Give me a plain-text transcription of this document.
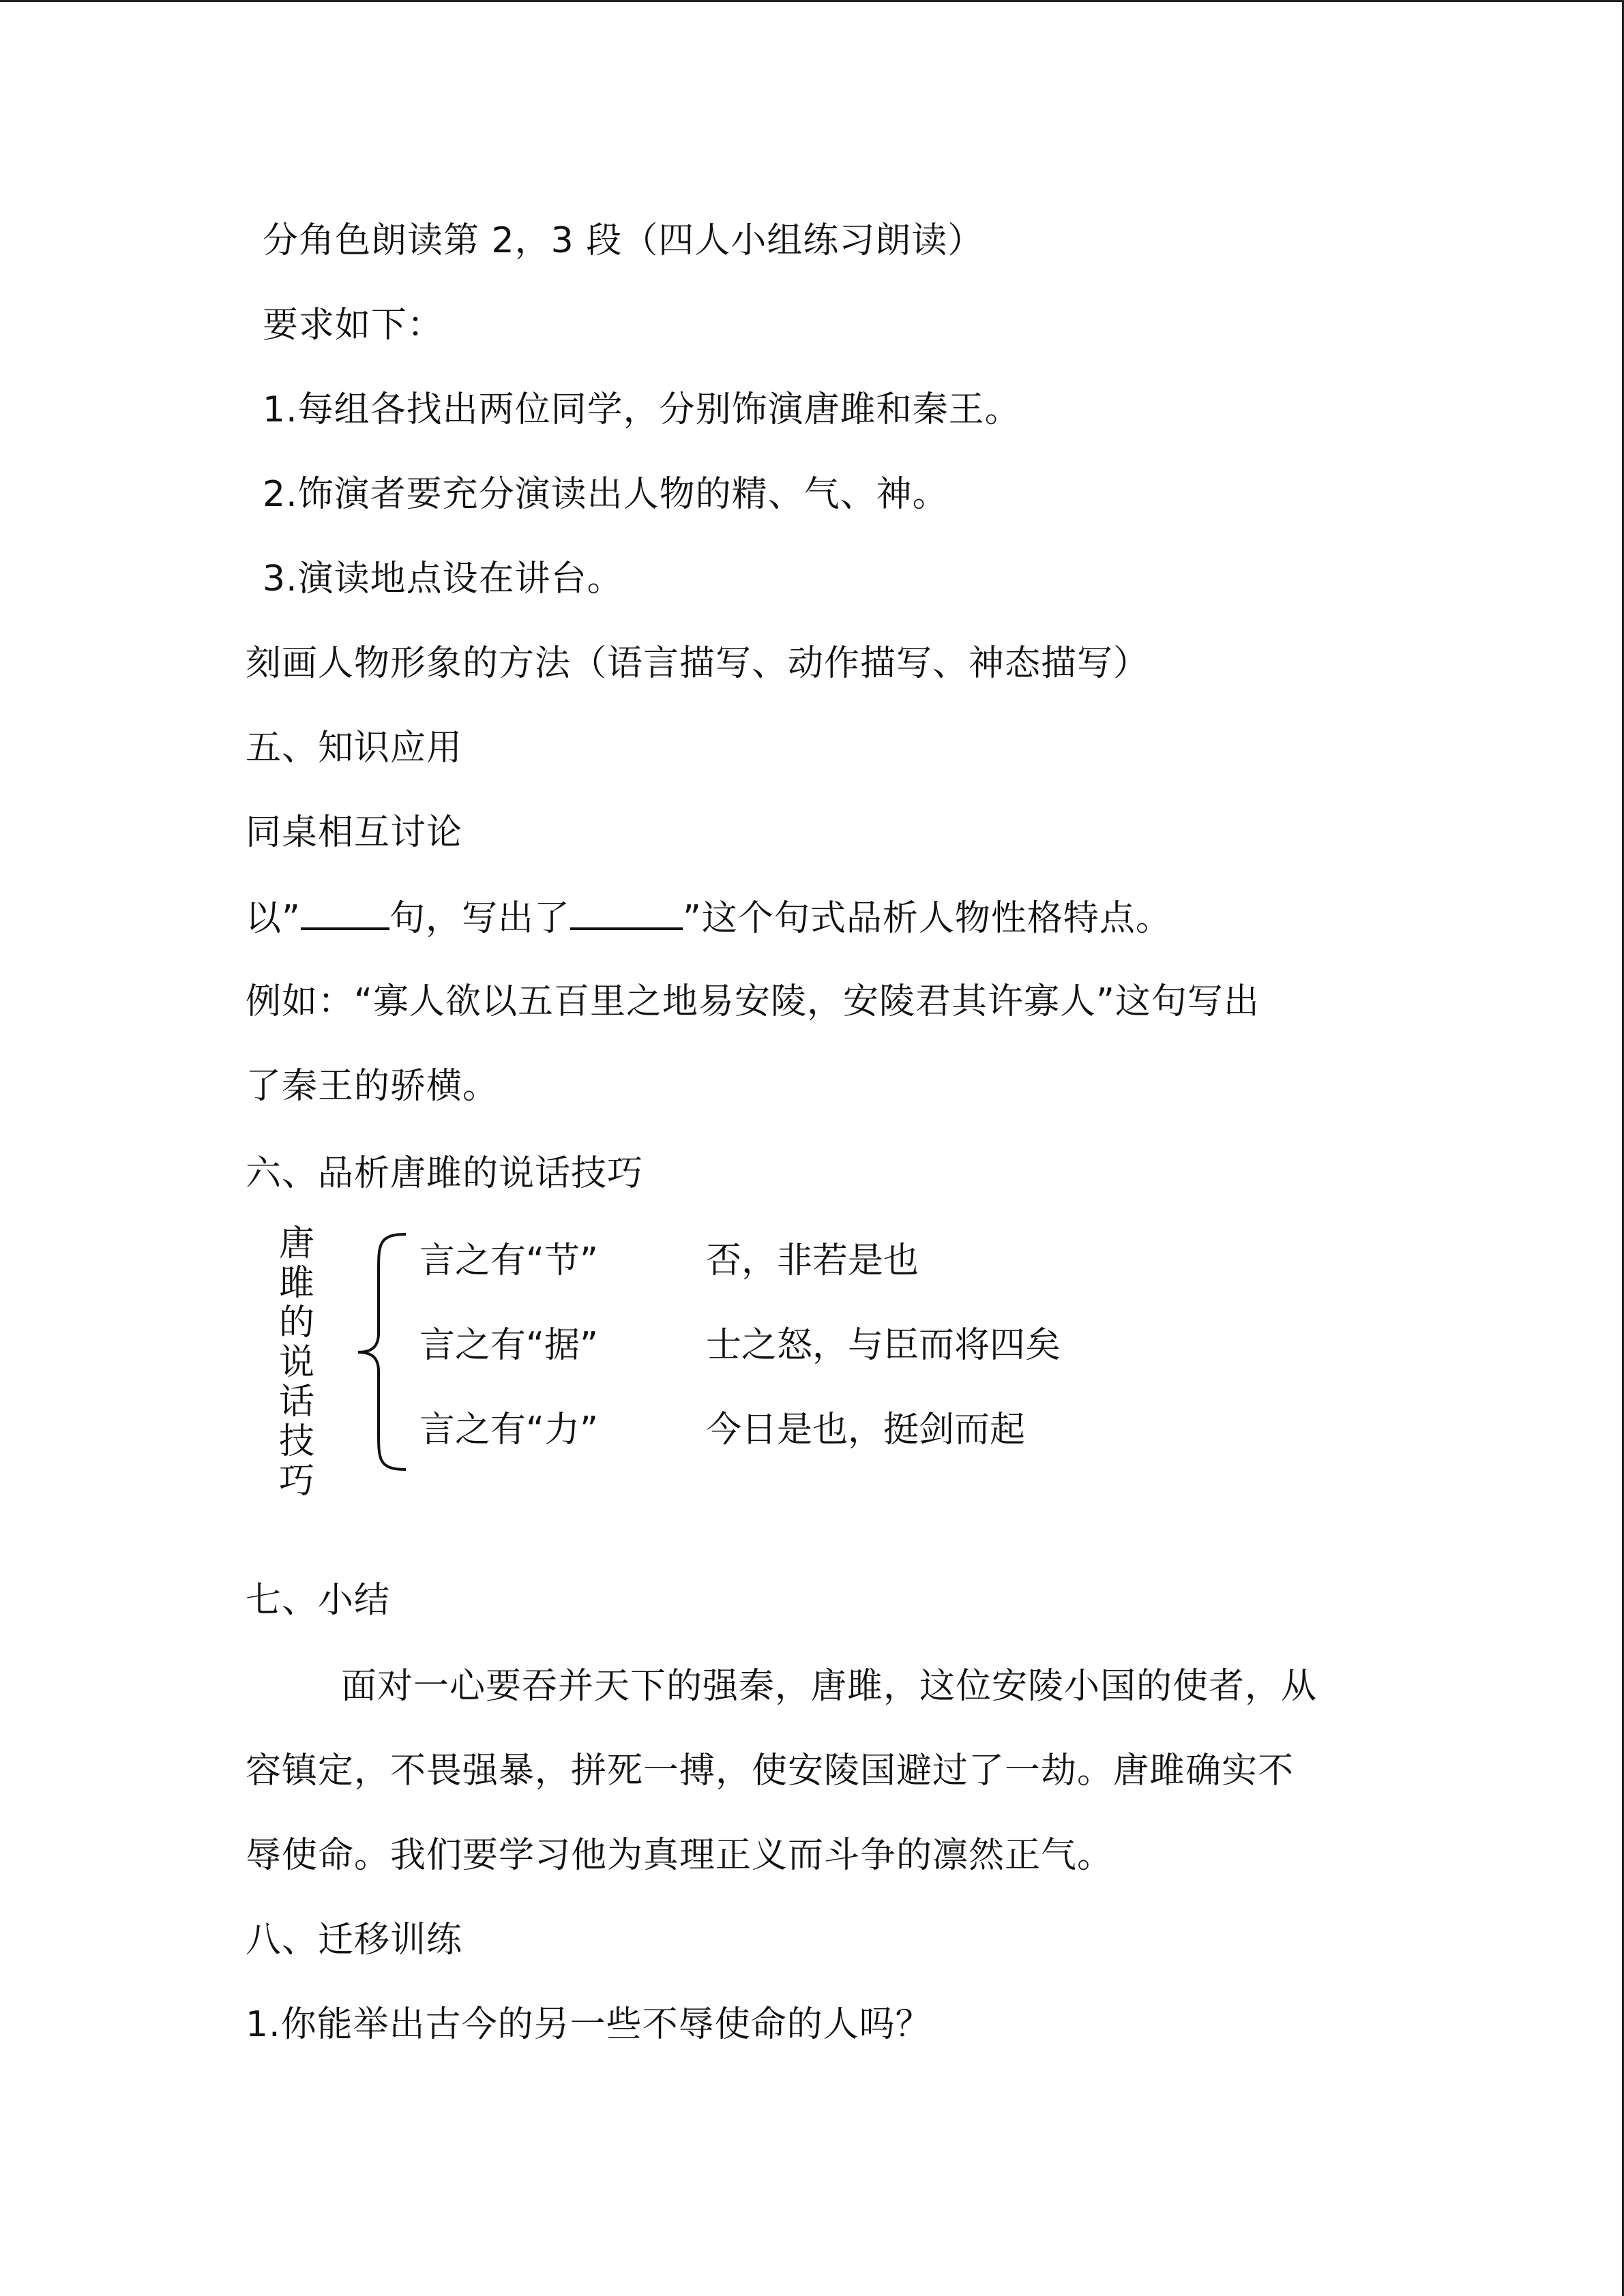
分角色朗读第 2，3 段（四人小组练习朗读）
要求如下：
1.每组各找出两位同学，分别饰演唐雎和秦王。
2.饰演者要充分演读出人物的精、气、神。
3.演读地点设在讲台。
刻画人物形象的方法（语言描写、动作描写、神态描写）
五、知识应用
同桌相互讨论
以”	句，写出了	”这个句式品析人物性格特点。
例如：“寡人欲以五百里之地易安陵，安陵君其许寡人”这句写出
了秦王的骄横。
六、品析唐雎的说话技巧
唐
雎
的
说
话
技
巧
言之有“节”	否，非若是也
言之有“据”	士之怒，与臣而将四矣
言之有“力”	今日是也，挺剑而起
七、小结
面对一心要吞并天下的强秦，唐雎，这位安陵小国的使者，从
容镇定，不畏强暴，拼死一搏，使安陵国避过了一劫。唐雎确实不
辱使命。我们要学习他为真理正义而斗争的凛然正气。
八、迁移训练
1.你能举出古今的另一些不辱使命的人吗？
